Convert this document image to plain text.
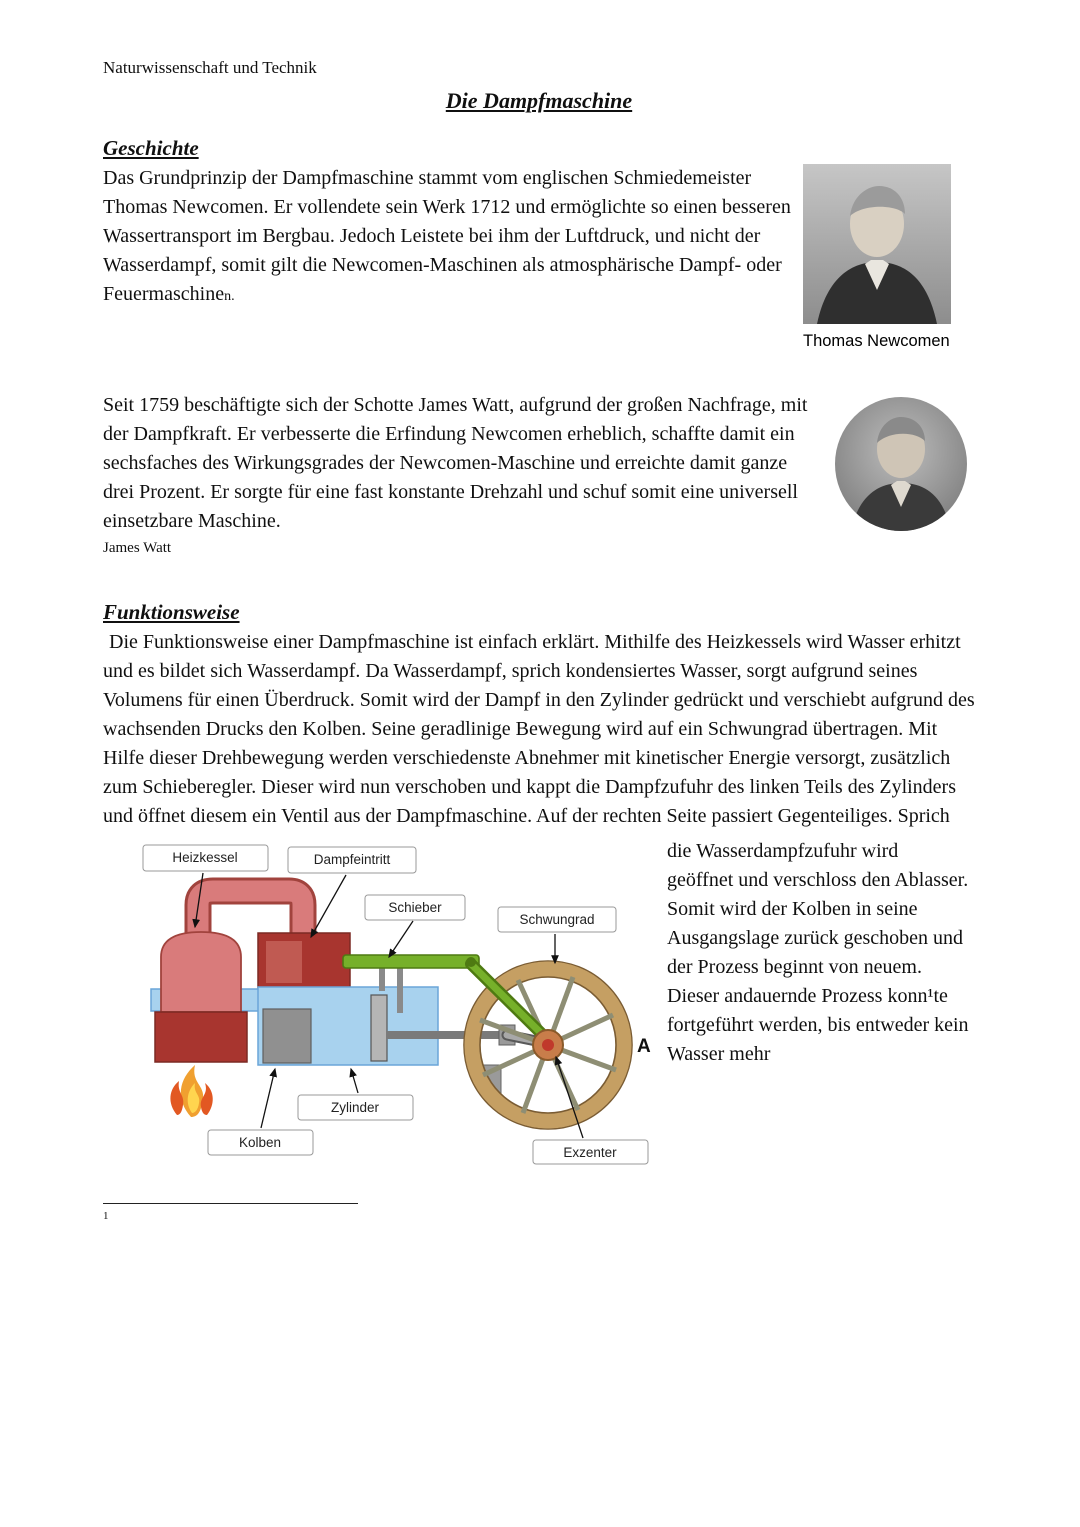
Naturwissenschaft und Technik
Die Dampfmaschine
Geschichte
Das Grundprinzip der Dampfmaschine stammt vom englischen Schmiedemeister Thomas Newcomen. Er vollendete sein Werk 1712 und ermöglichte so einen besseren Wassertransport im Bergbau. Jedoch Leistete bei ihm der Luftdruck, und nicht der Wasserdampf, somit gilt die Newcomen-Maschinen als atmosphärische Dampf- oder Feuermaschinen.
Thomas Newcomen
Seit 1759 beschäftigte sich der Schotte James Watt, aufgrund der großen Nachfrage, mit der Dampfkraft. Er verbesserte die Erfindung Newcomen erheblich, schaffte damit ein sechsfaches des Wirkungsgrades der Newcomen-Maschine und erreichte damit ganze drei Prozent. Er sorgte für eine fast konstante Drehzahl und schuf somit eine universell einsetzbare Maschine.
James Watt
Funktionsweise
Die Funktionsweise einer Dampfmaschine ist einfach erklärt. Mithilfe des Heizkessels wird Wasser erhitzt und es bildet sich Wasserdampf. Da Wasserdampf, sprich kondensiertes Wasser, sorgt aufgrund seines Volumens für einen Überdruck. Somit wird der Dampf in den Zylinder gedrückt und verschiebt aufgrund des wachsenden Drucks den Kolben. Seine geradlinige Bewegung wird auf ein Schwungrad übertragen. Mit Hilfe dieser Drehbewegung werden verschiedenste Abnehmer mit kinetischer Energie versorgt, zusätzlich zum Schieberegler. Dieser wird nun verschoben und kappt die Dampfzufuhr des linken Teils des Zylinders und öffnet diesem ein Ventil aus der Dampfmaschine. Auf der rechten Seite passiert Gegenteiliges. Sprich
Heizkessel	Dampfeintritt
Schieber
Schwungrad
Zylinder
Kolben
Exzenter
die Wasserdampfzufuhr wird geöffnet und verschloss den Ablasser. Somit wird der Kolben in seine Ausgangslage zurück geschoben und der Prozess beginnt von neuem. Dieser andauernde Prozess konn¹te fortgeführt werden, bis entweder kein Wasser mehr
A
1
